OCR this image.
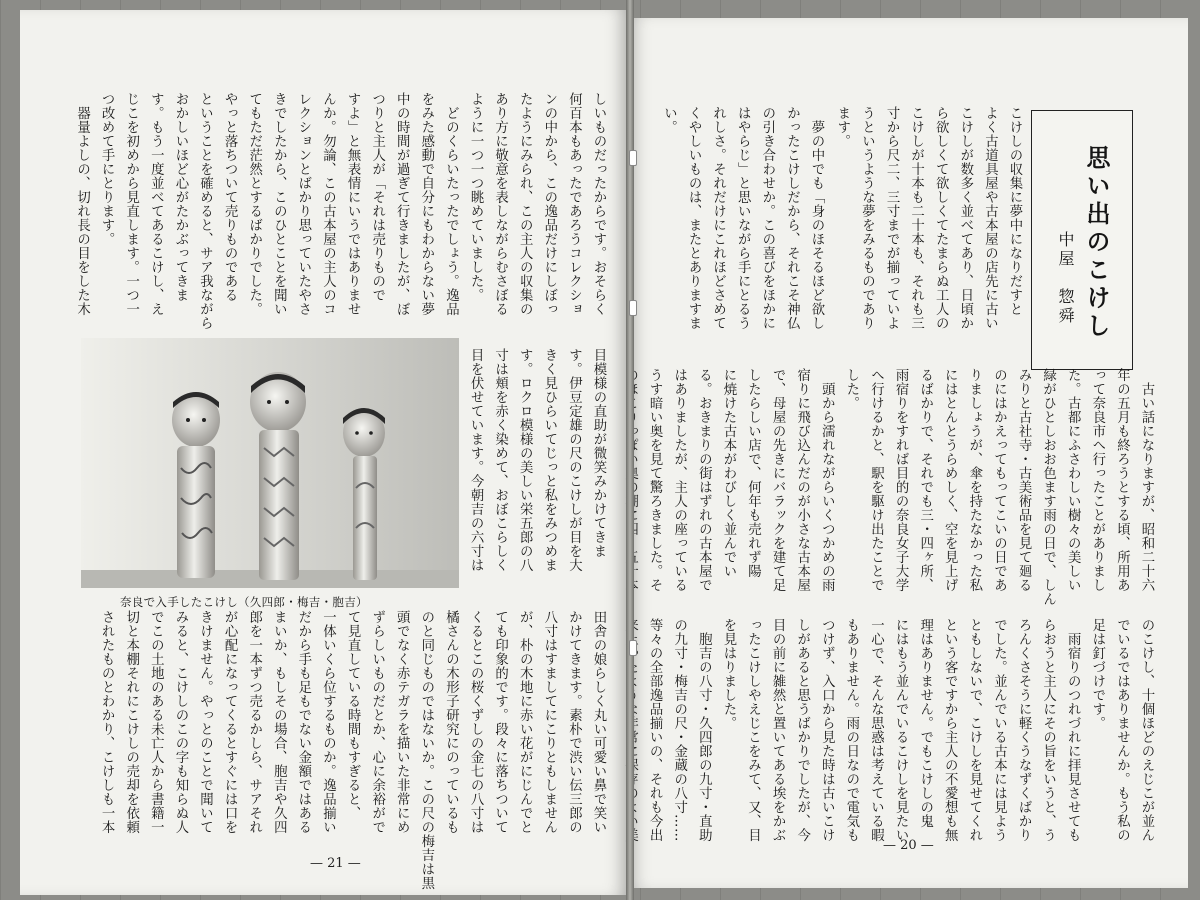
しいものだったからです。おそらく
何百本もあったであろうコレクショ
ンの中から、この逸品だけにしぼっ
たようにみられ、この主人の収集の
あり方に敬意を表しながらむさぼる
ように一つ一つ眺めていました。
　どのくらいたったでしょう。逸品
をみた感動で自分にもわからない夢
中の時間が過ぎて行きましたが、ぼ
つりと主人が「それは売りもので
すよ」と無表情にいうではありませ
んか。勿論、この古本屋の主人のコ
レクションとばかり思っていたやさ
きでしたから、このひとことを聞い
てもただ茫然とするばかりでした。
やっと落ちついて売りものである
ということを確めると、サア我ながら
おかしいほど心がたかぶってきま
す。もう一度並べてあるこけし、え
じこを初めから見直します。一つ一
つ改めて手にとります。
　器量よしの、切れ長の目をした木
目模様の直助が微笑みかけてきま
す。伊豆定雄の尺のこけしが目を大
きく見ひらいてじっと私をみつめま
す。ロクロ模様の美しい栄五郎の八
寸は頬を赤く染めて、おぼこらしく
目を伏せています。今朝吉の六寸は
奈良で入手したこけし（久四郎・梅吉・胞吉）
田舎の娘らしく丸い可愛い鼻で笑い
かけてきます。素朴で渋い伝三郎の
八寸はすましてにこりともしません
が、朴の木地に赤い花がにじんでと
ても印象的です。段々に落ちついて
くるとこの桜くずしの金七の八寸は
橘さんの木形子研究にのっているも
のと同じものではないか。この尺の梅吉は黒
頭でなく赤テガラを描いた非常にめ
ずらしいものだとか、心に余裕がで
て見直している時間もすぎると、
一体いくら位するものか。逸品揃い
だから手も足もでない金額ではある
まいか、もしその場合、胞吉や久四
郎を一本ずつ売るかしら、サアそれ
が心配になってくるとすぐには口を
きけません。やっとのことで聞いて
みると、こけしのこの字も知らぬ人
でこの土地のある未亡人から書籍一
切と本棚それにこけしの売却を依頼
されたものとわかり、こけしも一本
— 21 —
思い出のこけし
中屋　惣舜
こけしの収集に夢中になりだすと
よく古道具屋や古本屋の店先に古い
こけしが数多く並べてあり、日頃か
ら欲しくて欲しくてたまらぬ工人の
こけしが十本も二十本も、それも三
寸から尺二、三寸までが揃っていよ
うというような夢をみるものであり
ます。
　夢の中でも「身のほそるほど欲し
かったこけしだから、それこそ神仏
の引き合わせか。この喜びをほかに
はやらじ」と思いながら手にとるう
れしさ。それだけにこれほどさめて
くやしいものは、またとありますま
い。
　古い話になりますが、昭和二十六
年の五月も終ろうとする頃、所用あ
って奈良市へ行ったことがありまし
た。古都にふさわしい樹々の美しい
緑がひとしおお色ます雨の日で、しん
みりと古社寺・古美術品を見て廻る
のにはかえってもってこいの日であ
りましょうが、傘を持たなかった私
にはとんとうらめしく、空を見上げ
るばかりで、それでも三・四ヶ所、
雨宿りをすれば目的の奈良女子大学
へ行けるかと、駅を駆け出たことで
した。
　頭から濡れながらいくつかめの雨
宿りに飛び込んだのが小さな古本屋
で、母屋の先きにバラックを建て足
したらしい店で、何年も売れず陽
に焼けた古本がわびしく並んでい
る。おきまりの街はずれの古本屋で
はありましたが、主人の座っている
うす暗い奥を見て驚ろきました。そ

のこけし、十個ほどのえじこが並ん
でいるではありませんか。もう私の
足は釘づけです。
　雨宿りのつれづれに拝見させても
らおうと主人にその旨をいうと、う
ろんくさそうに軽くうなずくばかり
でした。並んでいる古本には見よう
ともしないで、こけしを見せてくれ
という客ですから主人の不愛想も無
理はありません。でもこけしの鬼
にはもう並んでいるこけしを見たい
一心で、そんな思惑は考えている暇
もありません。雨の日なので電気も
つけず、入口から見た時は古いこけ
しがあると思うばかりでしたが、今
目の前に雑然と置いてある埃をかぶ
ったこけしやえじこをみて、又、目
を見はりました。
　胞吉の八寸・久四郎の九寸・直助
の九寸・梅吉の尺・金蔵の八寸……
等々の全部逸品揃いの、それも今出

— 20 —
